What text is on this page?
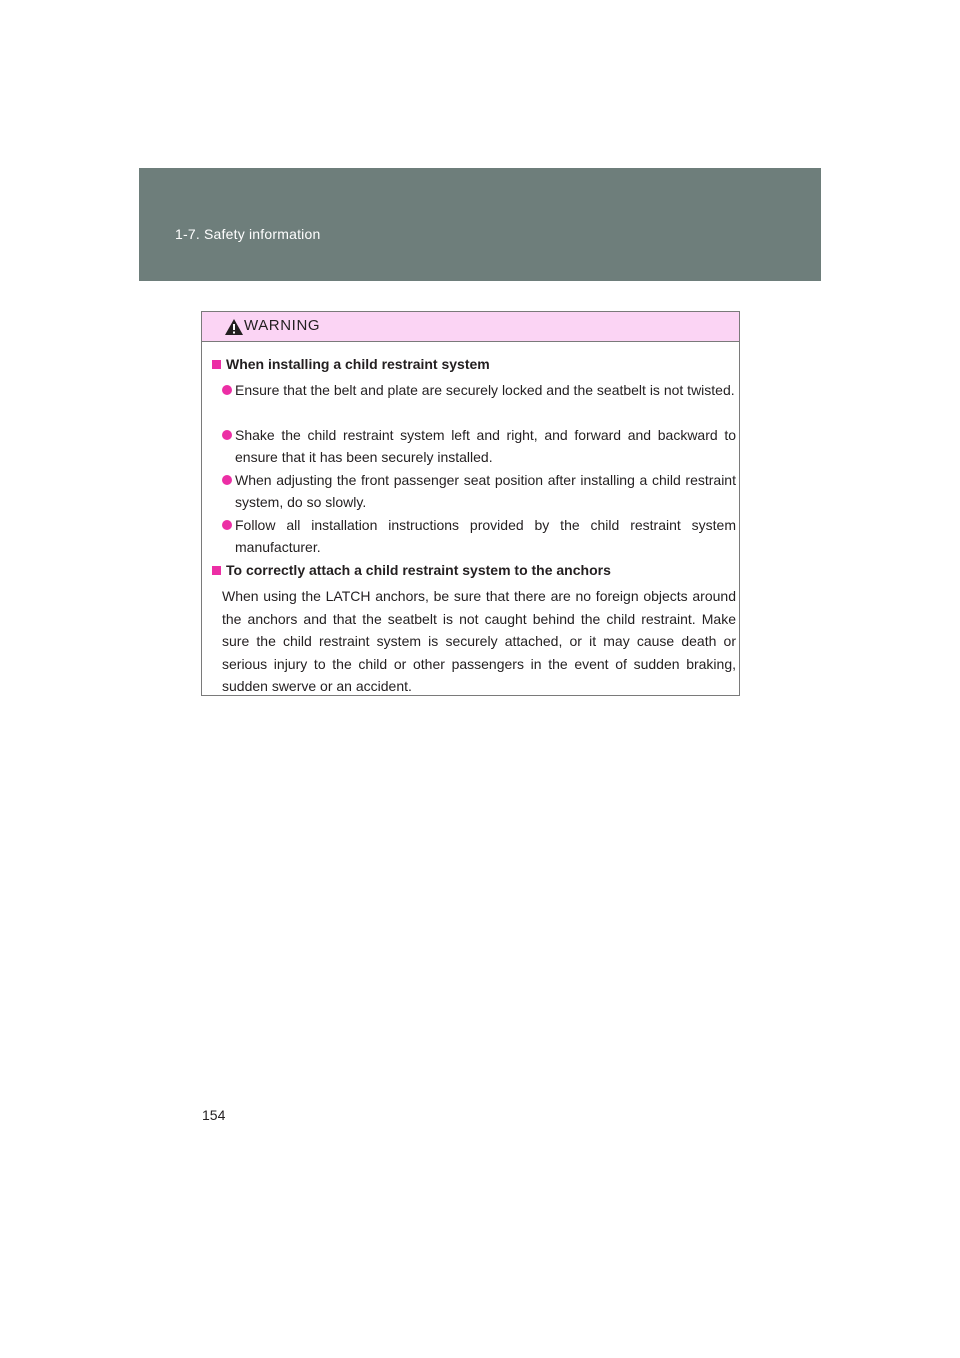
1-7. Safety information
WARNING
When installing a child restraint system

Ensure that the belt and plate are securely locked and the seatbelt is not twisted.

Shake the child restraint system left and right, and forward and backward to ensure that it has been securely installed.

When adjusting the front passenger seat position after installing a child restraint system, do so slowly.

Follow all installation instructions provided by the child restraint system manufacturer.

To correctly attach a child restraint system to the anchors

When using the LATCH anchors, be sure that there are no foreign objects around the anchors and that the seatbelt is not caught behind the child restraint. Make sure the child restraint system is securely attached, or it may cause death or serious injury to the child or other passengers in the event of sudden braking, sudden swerve or an accident.

154
